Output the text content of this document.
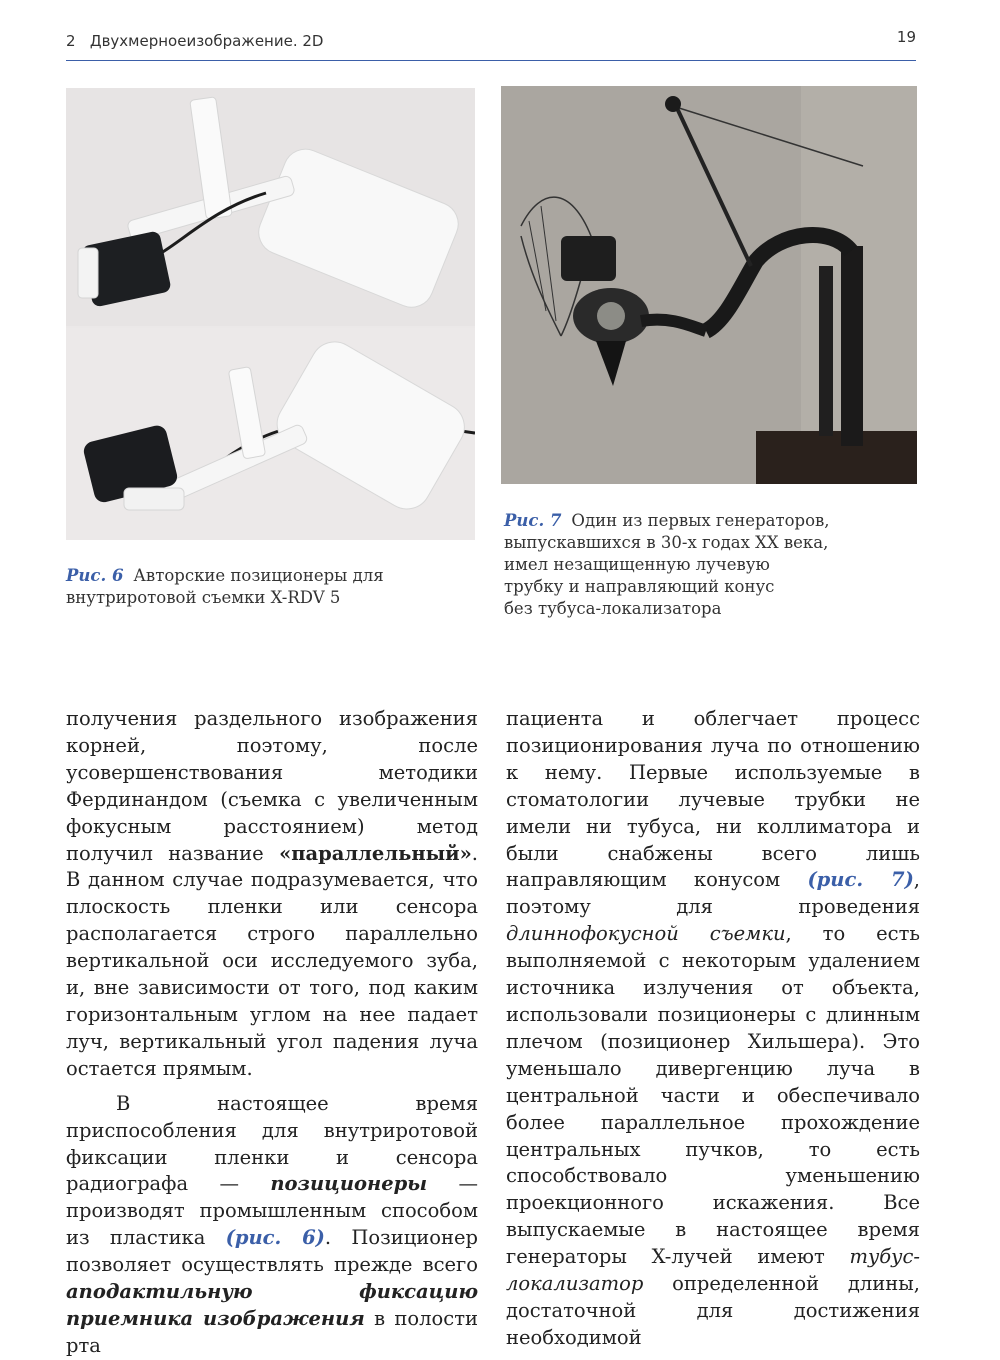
2   Двухмерноеизображение. 2D	19
Рис. 6 Авторские позиционеры для
внутриротовой съемки X-RDV 5
Рис. 7 Один из первых генераторов,
выпускавшихся в 30-х годах XX века,
имел незащищенную лучевую
трубку и направляющий конус
без тубуса-локализатора

получения раздельного изображения корней, поэтому, после усовершенствования методики Фердинандом (съемка с увеличенным фокусным расстоянием) метод получил название «параллельный». В данном случае подразумевается, что плоскость пленки или сенсора располагается строго параллельно вертикальной оси исследуемого зуба, и, вне зависимости от того, под каким горизонтальным углом на нее падает луч, вертикальный угол падения луча остается прямым.

В настоящее время приспособления для внутриротовой фиксации пленки и сенсора радиографа — позиционеры — производят промышленным способом из пластика (рис. 6). Позиционер позволяет осуществлять прежде всего аподактильную фиксацию приемника изображения в полости рта

пациента и облегчает процесс позиционирования луча по отношению к нему. Первые используемые в стоматологии лучевые трубки не имели ни тубуса, ни коллиматора и были снабжены всего лишь направляющим конусом (рис. 7), поэтому для проведения длиннофокусной съемки, то есть выполняемой с некоторым удалением источника излучения от объекта, использовали позиционеры с длинным плечом (позиционер Хильшера). Это уменьшало дивергенцию луча в центральной части и обеспечивало более параллельное прохождение центральных пучков, то есть способствовало уменьшению проекционного искажения. Все выпускаемые в настоящее время генераторы X-лучей имеют тубус-локализатор определенной длины, достаточной для достижения необходимой
